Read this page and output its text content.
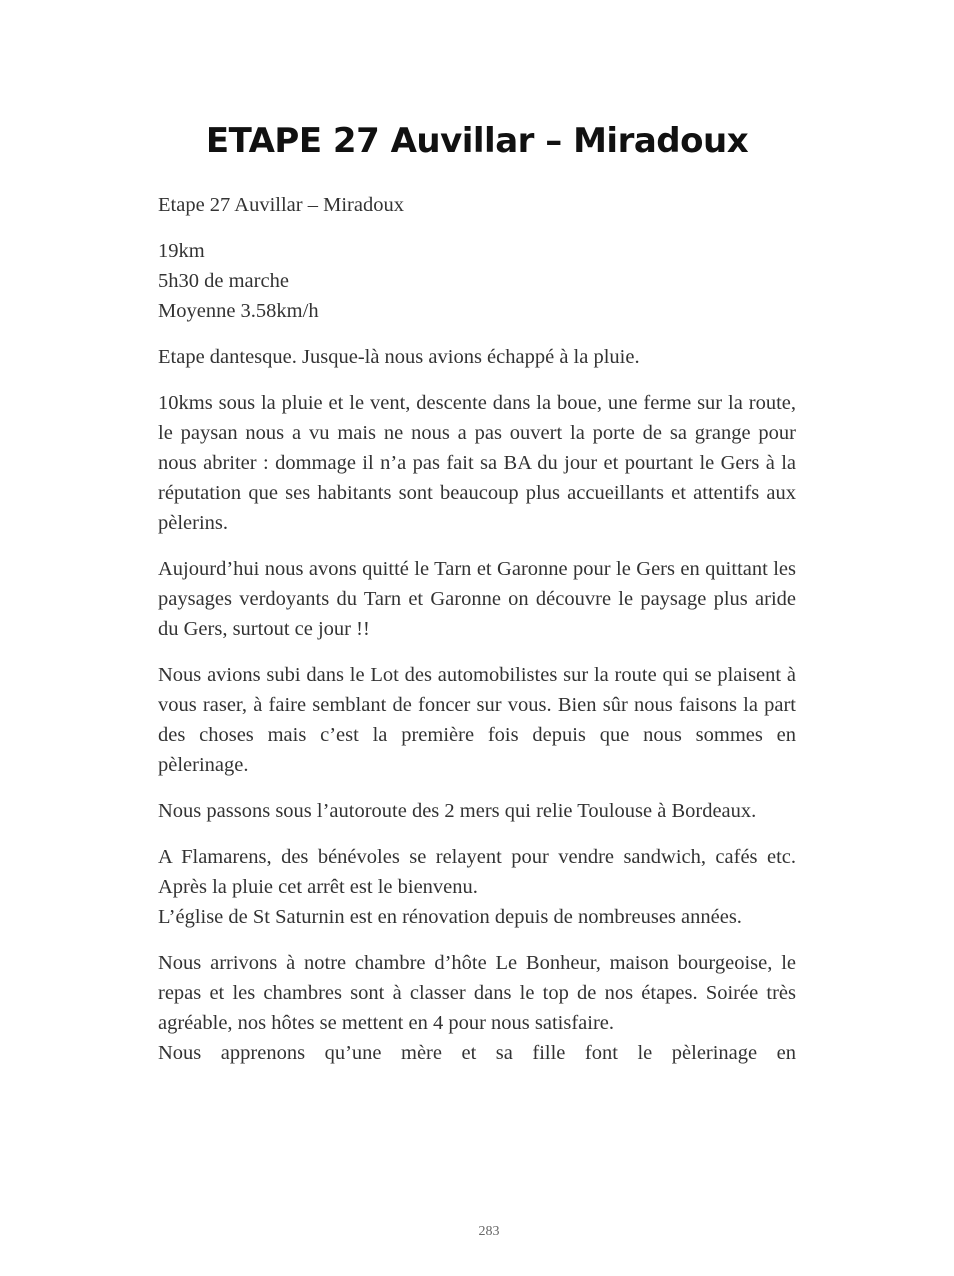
ETAPE 27 Auvillar – Miradoux

Etape 27 Auvillar – Miradoux

19km
5h30 de marche
Moyenne 3.58km/h

Etape dantesque. Jusque-là nous avions échappé à la pluie.

10kms sous la pluie et le vent, descente dans la boue, une ferme sur la route, le paysan nous a vu mais ne nous a pas ouvert la porte de sa grange pour nous abriter : dommage il n’a pas fait sa BA du jour et pourtant le Gers à la réputation que ses habitants sont beaucoup plus accueillants et attentifs aux pèlerins.

Aujourd’hui nous avons quitté le Tarn et Garonne pour le Gers en quittant les paysages verdoyants du Tarn et Garonne on découvre le paysage plus aride du Gers, surtout ce jour !!

Nous avions subi dans le Lot des automobilistes sur la route qui se plaisent à vous raser, à faire semblant de foncer sur vous. Bien sûr nous faisons la part des choses mais c’est la première fois depuis que nous sommes en pèlerinage.

Nous passons sous l’autoroute des 2 mers qui relie Toulouse à Bordeaux.

A Flamarens, des bénévoles se relayent pour vendre sandwich, cafés etc. Après la pluie cet arrêt est le bienvenu.
L’église de St Saturnin est en rénovation depuis de nombreuses années.

Nous arrivons à notre chambre d’hôte Le Bonheur, maison bourgeoise, le repas et les chambres sont à classer dans le top de nos étapes. Soirée très agréable, nos hôtes se mettent en 4 pour nous satisfaire.

Nous apprenons qu’une mère et sa fille font le pèlerinage en

283
